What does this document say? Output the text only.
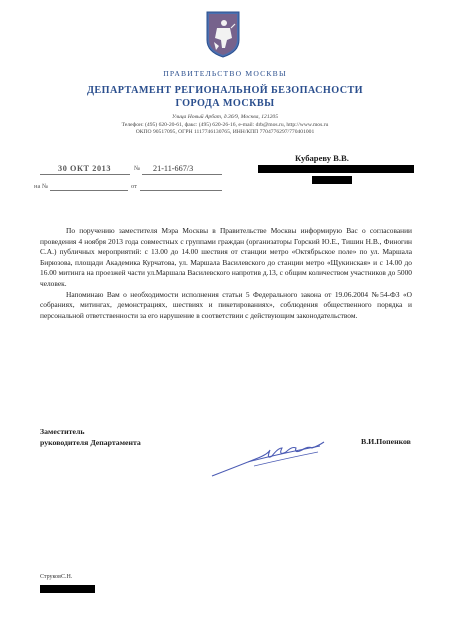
ПРАВИТЕЛЬСТВО МОСКВЫ
ДЕПАРТАМЕНТ РЕГИОНАЛЬНОЙ БЕЗОПАСНОСТИ
ГОРОДА МОСКВЫ
Улица Новый Арбат, д.36/9, Москва, 121205
Телефон: (495) 620-20-61, факс: (495) 620-26-16, e-mail: drb@mos.ru, http://www.mos.ru
ОКПО 90517095, ОГРН 1117746130765, ИНН/КПП 7704776297/770401001
30 ОКТ 2013	№ 21-11-667/3
на №	от
Кубареву В.В.

По поручению заместителя Мэра Москвы в Правительстве Москвы информирую Вас о согласовании проведения 4 ноября 2013 года совместных с группами граждан (организаторы Горский Ю.Е., Тишин Н.В., Финогин С.А.) публичных мероприятий: с 13.00 до 14.00 шествия от станции метро «Октябрьское поле» по ул. Маршала Бирюзова, площади Академика Курчатова, ул. Маршала Василевского до станции метро «Щукинская» и с 14.00 до 16.00 митинга на проезжей части ул.Маршала Василевского напротив д.13, с общим количеством участников до 5000 человек.

Напоминаю Вам о необходимости исполнения статьи 5 Федерального закона от 19.06.2004 №54-ФЗ «О собраниях, митингах, демонстрациях, шествиях и пикетированиях», соблюдения общественного порядка и персональной ответственности за его нарушение в соответствии с действующим законодательством.

Заместитель
руководителя Департамента	В.И.Попенков
СтруковС.Н.
